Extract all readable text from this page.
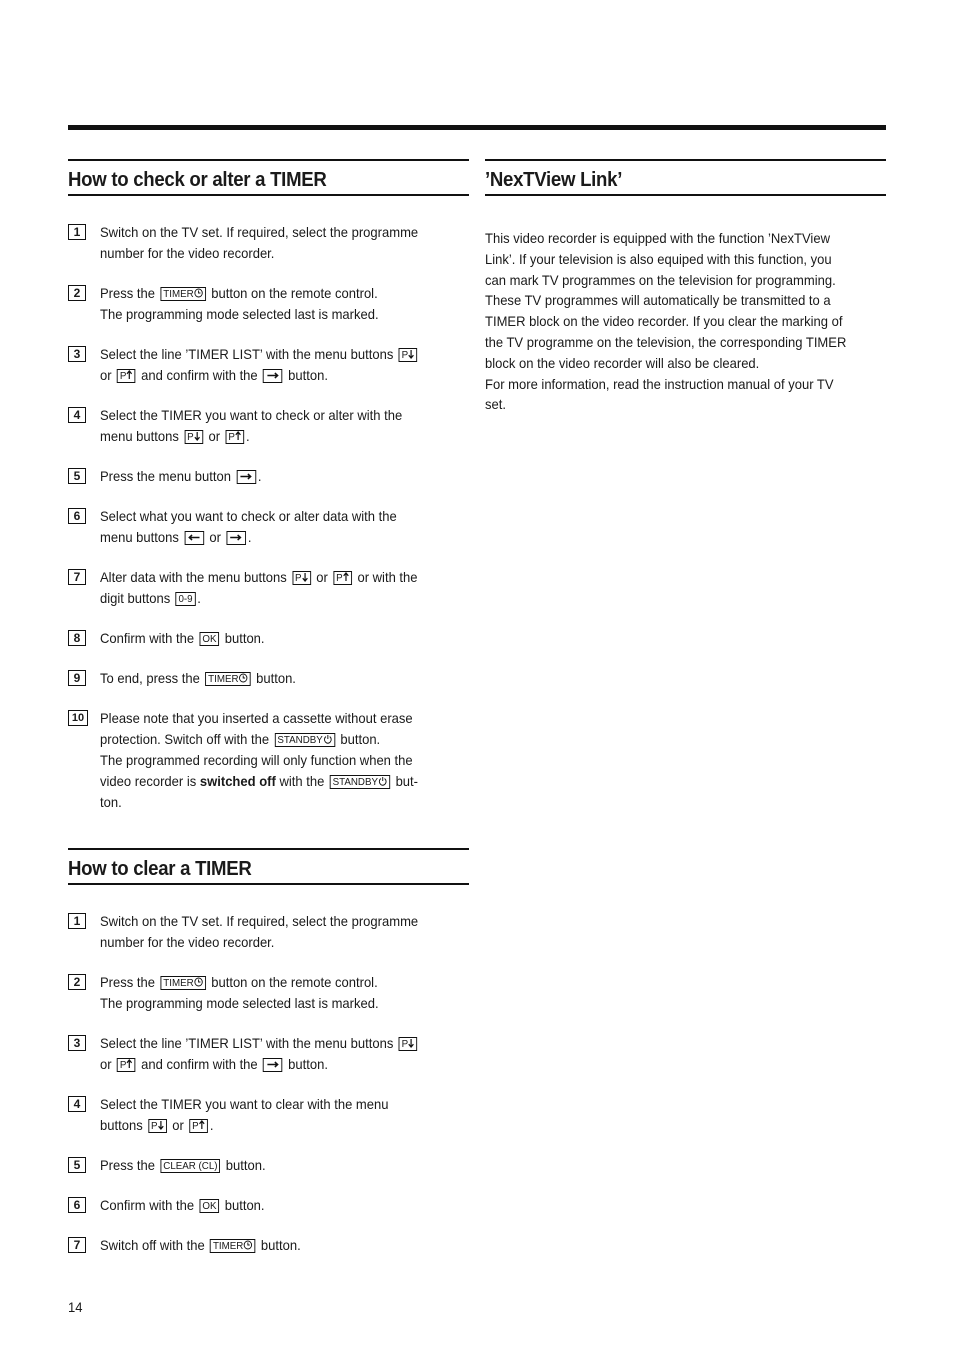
How to check or alter a TIMER
1	Switch on the TV set. If required, select the programme
number for the video recorder.
2	Press the TIMER button on the remote control.
The programming mode selected last is marked.
3	Select the line ’TIMER LIST’ with the menu buttons P
or P and confirm with the button.
4	Select the TIMER you want to check or alter with the
menu buttons P or P .
5	Press the menu button .
6	Select what you want to check or alter data with the
menu buttons or .
7	Alter data with the menu buttons P or P or with the
digit buttons 0-9 .
8	Confirm with the OK button.
9	To end, press the TIMER button.
10 Please note that you inserted a cassette without erase
protection. Switch off with the STANDBY button.
The programmed recording will only function when the
video recorder is switched off with the STANDBY but-
ton.
How to clear a TIMER
1	Switch on the TV set. If required, select the programme
number for the video recorder.
2	Press the TIMER button on the remote control.
The programming mode selected last is marked.
3	Select the line ’TIMER LIST’ with the menu buttons P
or P and confirm with the button.
4	Select the TIMER you want to clear with the menu
buttons P or P .
5	Press the CLEAR (CL) button.
6	Confirm with the OK button.
7	Switch off with the TIMER button.
’NexTView Link’
This video recorder is equipped with the function ’NexTView
Link’. If your television is also equiped with this function, you
can mark TV programmes on the television for programming.
These TV programmes will automatically be transmitted to a
TIMER block on the video recorder. If you clear the marking of
the TV programme on the television, the corresponding TIMER
block on the video recorder will also be cleared.
For more information, read the instruction manual of your TV
set.
14
